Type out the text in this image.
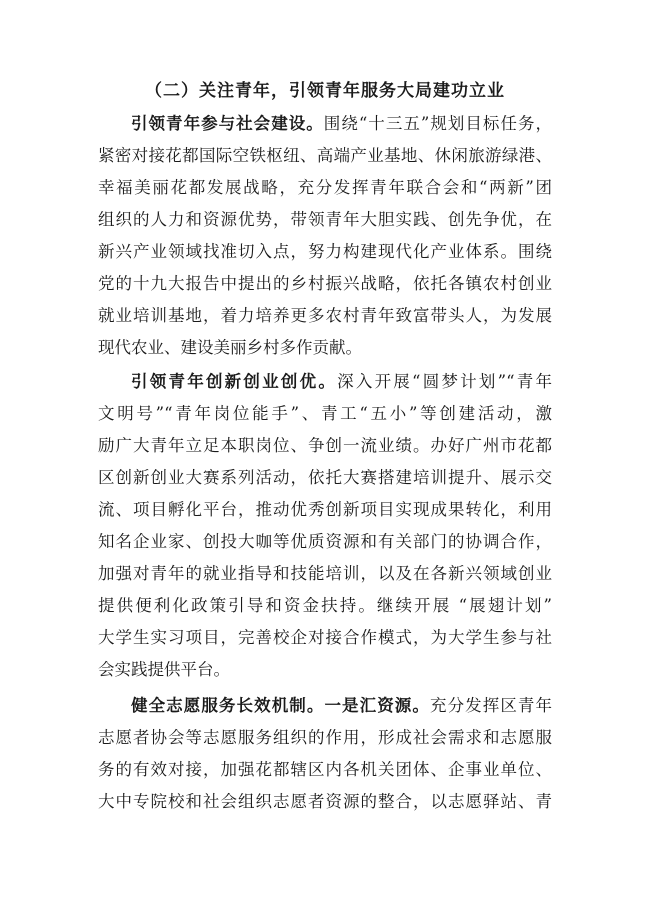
（二）关注青年，引领青年服务大局建功立业
引领青年参与社会建设。围绕“十三五”规划目标任务，
紧密对接花都国际空铁枢纽、高端产业基地、休闲旅游绿港、
幸福美丽花都发展战略，充分发挥青年联合会和“两新”团
组织的人力和资源优势，带领青年大胆实践、创先争优，在
新兴产业领域找准切入点，努力构建现代化产业体系。围绕
党的十九大报告中提出的乡村振兴战略，依托各镇农村创业
就业培训基地，着力培养更多农村青年致富带头人，为发展
现代农业、建设美丽乡村多作贡献。
引领青年创新创业创优。深入开展“圆梦计划”“青年
文明号”“青年岗位能手”、青工“五小”等创建活动，激
励广大青年立足本职岗位、争创一流业绩。办好广州市花都
区创新创业大赛系列活动，依托大赛搭建培训提升、展示交
流、项目孵化平台，推动优秀创新项目实现成果转化，利用
知名企业家、创投大咖等优质资源和有关部门的协调合作，
加强对青年的就业指导和技能培训，以及在各新兴领域创业
提供便利化政策引导和资金扶持。继续开展 “展翅计划”
大学生实习项目，完善校企对接合作模式，为大学生参与社
会实践提供平台。
健全志愿服务长效机制。一是汇资源。充分发挥区青年
志愿者协会等志愿服务组织的作用，形成社会需求和志愿服
务的有效对接，加强花都辖区内各机关团体、企事业单位、
大中专院校和社会组织志愿者资源的整合，以志愿驿站、青
